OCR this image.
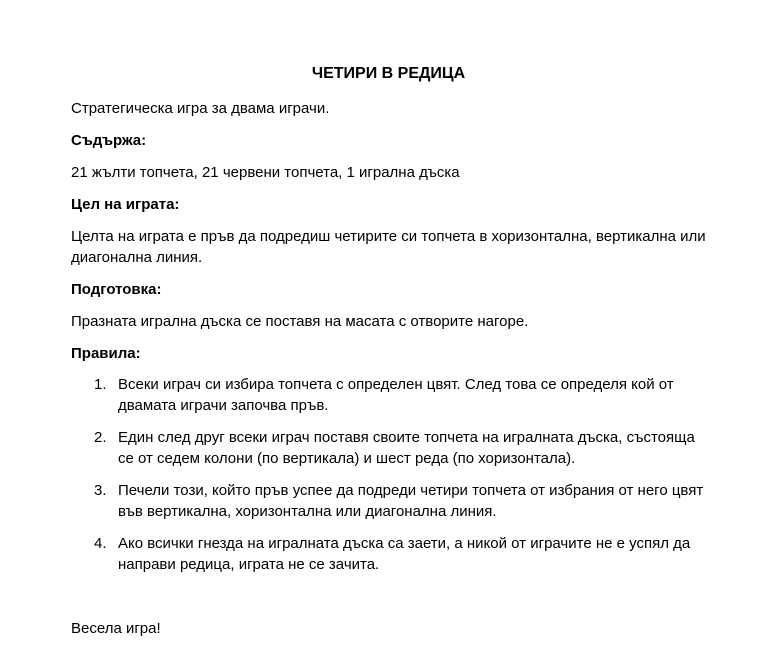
ЧЕТИРИ В РЕДИЦА
Стратегическа игра за двама играчи.
Съдържа:
21 жълти топчета, 21 червени топчета, 1 игрална дъска
Цел на играта:
Целта на играта е пръв да подредиш четирите си топчета в хоризонтална, вертикална или диагонална линия.
Подготовка:
Празната игрална дъска се поставя на масата с отворите нагоре.
Правила:
1. Всеки играч си избира топчета с определен цвят. След това се определя кой от двамата играчи започва пръв.
2. Един след друг всеки играч поставя своите топчета на игралната дъска, състояща се от седем колони (по вертикала) и шест реда (по хоризонтала).
3. Печели този, който пръв успее да подреди четири топчета от избрания от него цвят във вертикална, хоризонтална или диагонална линия.
4. Ако всички гнезда на игралната дъска са заети, а никой от играчите не е успял да направи редица, играта не се зачита.
Весела игра!
